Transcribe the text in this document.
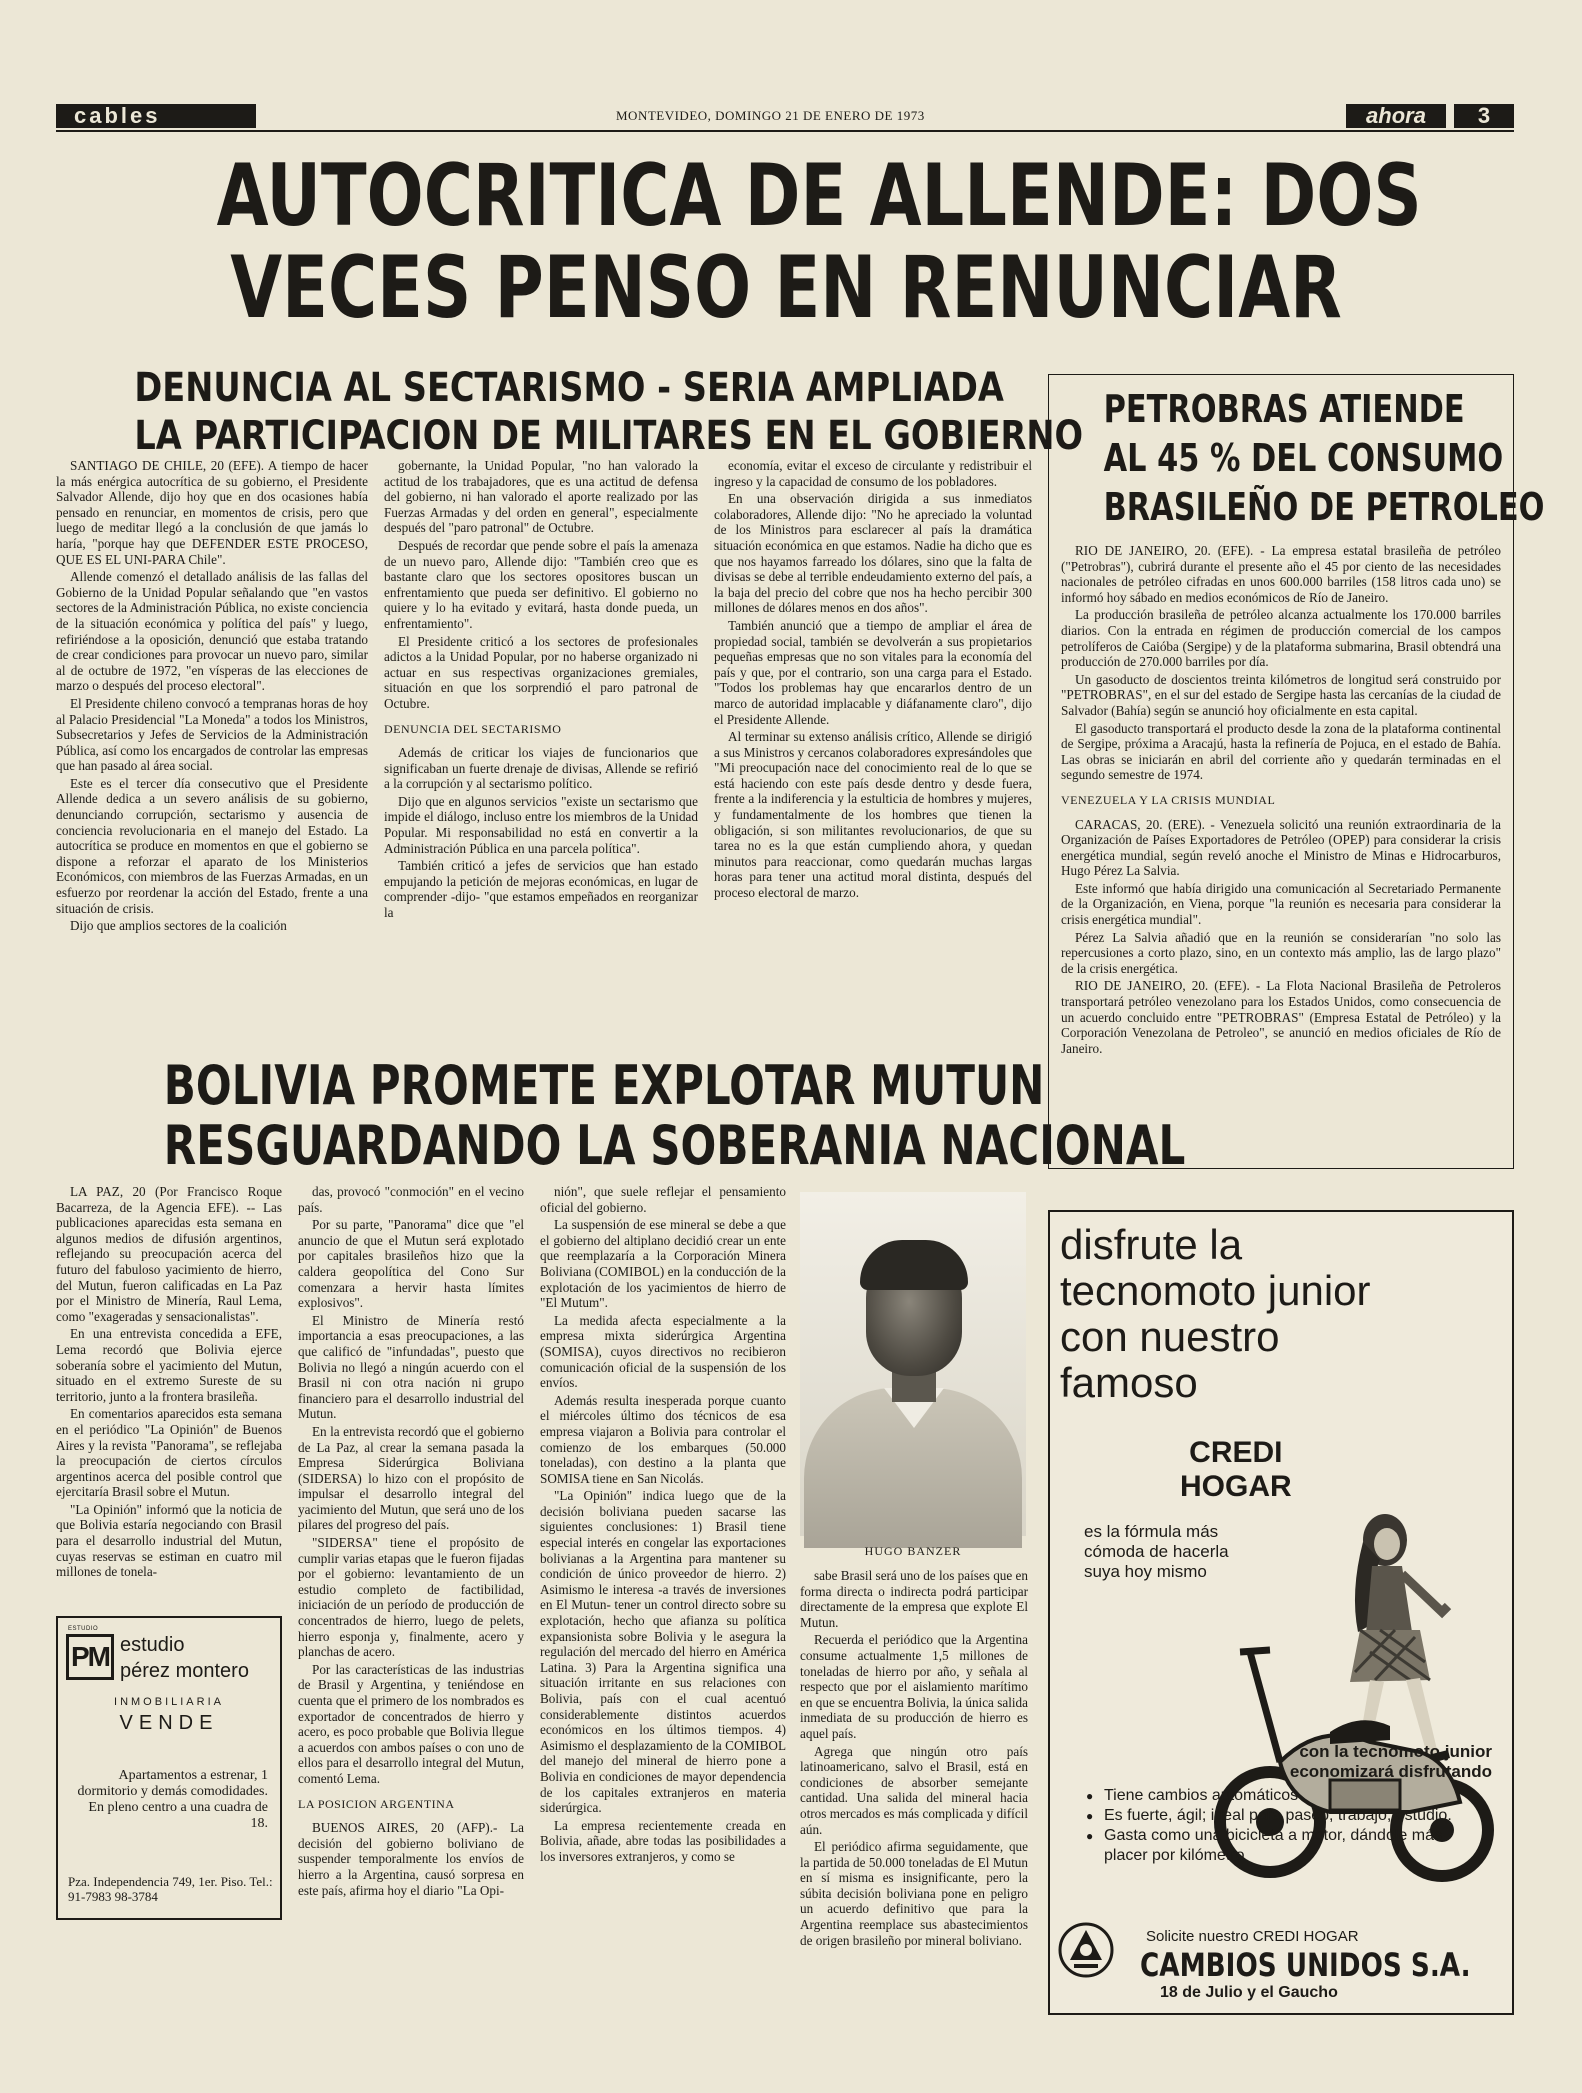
cables	MONTEVIDEO, DOMINGO 21 DE ENERO DE 1973	ahora	3
AUTOCRITICA DE ALLENDE: DOS
VECES PENSO EN RENUNCIAR
DENUNCIA AL SECTARISMO - SERIA AMPLIADA
LA PARTICIPACION DE MILITARES EN EL GOBIERNO

SANTIAGO DE CHILE, 20 (EFE). A tiempo de hacer la más enérgica autocrítica de su gobierno, el Presidente Salvador Allende, dijo hoy que en dos ocasiones había pensado en renunciar, en momentos de crisis, pero que luego de meditar llegó a la conclusión de que jamás lo haría, "porque hay que DEFENDER ESTE PROCESO, QUE ES EL UNI-PARA Chile".

Allende comenzó el detallado análisis de las fallas del Gobierno de la Unidad Popular señalando que "en vastos sectores de la Administración Pública, no existe conciencia de la situación económica y política del país" y luego, refiriéndose a la oposición, denunció que estaba tratando de crear condiciones para provocar un nuevo paro, similar al de octubre de 1972, "en vísperas de las elecciones de marzo o después del proceso electoral".

El Presidente chileno convocó a tempranas horas de hoy al Palacio Presidencial "La Moneda" a todos los Ministros, Subsecretarios y Jefes de Servicios de la Administración Pública, así como los encargados de controlar las empresas que han pasado al área social.

Este es el tercer día consecutivo que el Presidente Allende dedica a un severo análisis de su gobierno, denunciando corrupción, sectarismo y ausencia de conciencia revolucionaria en el manejo del Estado. La autocrítica se produce en momentos en que el gobierno se dispone a reforzar el aparato de los Ministerios Económicos, con miembros de las Fuerzas Armadas, en un esfuerzo por reordenar la acción del Estado, frente a una situación de crisis.

Dijo que amplios sectores de la coalición

gobernante, la Unidad Popular, "no han valorado la actitud de los trabajadores, que es una actitud de defensa del gobierno, ni han valorado el aporte realizado por las Fuerzas Armadas y del orden en general", especialmente después del "paro patronal" de Octubre.

Después de recordar que pende sobre el país la amenaza de un nuevo paro, Allende dijo: "También creo que es bastante claro que los sectores opositores buscan un enfrentamiento que pueda ser definitivo. El gobierno no quiere y lo ha evitado y evitará, hasta donde pueda, un enfrentamiento".

El Presidente criticó a los sectores de profesionales adictos a la Unidad Popular, por no haberse organizado ni actuar en sus respectivas organizaciones gremiales, situación en que los sorprendió el paro patronal de Octubre.

DENUNCIA DEL SECTARISMO

Además de criticar los viajes de funcionarios que significaban un fuerte drenaje de divisas, Allende se refirió a la corrupción y al sectarismo político.

Dijo que en algunos servicios "existe un sectarismo que impide el diálogo, incluso entre los miembros de la Unidad Popular. Mi responsabilidad no está en convertir a la Administración Pública en una parcela política".

También criticó a jefes de servicios que han estado empujando la petición de mejoras económicas, en lugar de comprender -dijo- "que estamos empeñados en reorganizar la

economía, evitar el exceso de circulante y redistribuir el ingreso y la capacidad de consumo de los pobladores.

En una observación dirigida a sus inmediatos colaboradores, Allende dijo: "No he apreciado la voluntad de los Ministros para esclarecer al país la dramática situación económica en que estamos. Nadie ha dicho que es que nos hayamos farreado los dólares, sino que la falta de divisas se debe al terrible endeudamiento externo del país, a la baja del precio del cobre que nos ha hecho percibir 300 millones de dólares menos en dos años".

También anunció que a tiempo de ampliar el área de propiedad social, también se devolverán a sus propietarios pequeñas empresas que no son vitales para la economía del país y que, por el contrario, son una carga para el Estado. "Todos los problemas hay que encararlos dentro de un marco de autoridad implacable y diáfanamente claro", dijo el Presidente Allende.

Al terminar su extenso análisis crítico, Allende se dirigió a sus Ministros y cercanos colaboradores expresándoles que "Mi preocupación nace del conocimiento real de lo que se está haciendo con este país desde dentro y desde fuera, frente a la indiferencia y la estulticia de hombres y mujeres, y fundamentalmente de los hombres que tienen la obligación, si son militantes revolucionarios, de que su tarea no es la que están cumpliendo ahora, y quedan minutos para reaccionar, como quedarán muchas largas horas para tener una actitud moral distinta, después del proceso electoral de marzo.

PETROBRAS ATIENDE
AL 45 % DEL CONSUMO
BRASILEÑO DE PETROLEO

RIO DE JANEIRO, 20. (EFE). - La empresa estatal brasileña de petróleo ("Petrobras"), cubrirá durante el presente año el 45 por ciento de las necesidades nacionales de petróleo cifradas en unos 600.000 barriles (158 litros cada uno) se informó hoy sábado en medios económicos de Río de Janeiro.

La producción brasileña de petróleo alcanza actualmente los 170.000 barriles diarios. Con la entrada en régimen de producción comercial de los campos petrolíferos de Caióba (Sergipe) y de la plataforma submarina, Brasil obtendrá una producción de 270.000 barriles por día.

Un gasoducto de doscientos treinta kilómetros de longitud será construido por "PETROBRAS", en el sur del estado de Sergipe hasta las cercanías de la ciudad de Salvador (Bahía) según se anunció hoy oficialmente en esta capital.

El gasoducto transportará el producto desde la zona de la plataforma continental de Sergipe, próxima a Aracajú, hasta la refinería de Pojuca, en el estado de Bahía. Las obras se iniciarán en abril del corriente año y quedarán terminadas en el segundo semestre de 1974.

VENEZUELA Y LA CRISIS MUNDIAL

CARACAS, 20. (ERE). - Venezuela solicitó una reunión extraordinaria de la Organización de Países Exportadores de Petróleo (OPEP) para considerar la crisis energética mundial, según reveló anoche el Ministro de Minas e Hidrocarburos, Hugo Pérez La Salvia.

Este informó que había dirigido una comunicación al Secretariado Permanente de la Organización, en Viena, porque "la reunión es necesaria para considerar la crisis energética mundial".

Pérez La Salvia añadió que en la reunión se considerarían "no solo las repercusiones a corto plazo, sino, en un contexto más amplio, las de largo plazo" de la crisis energética.

RIO DE JANEIRO, 20. (EFE). - La Flota Nacional Brasileña de Petroleros transportará petróleo venezolano para los Estados Unidos, como consecuencia de un acuerdo concluido entre "PETROBRAS" (Empresa Estatal de Petróleo) y la Corporación Venezolana de Petroleo", se anunció en medios oficiales de Río de Janeiro.

BOLIVIA PROMETE EXPLOTAR MUTUN
RESGUARDANDO LA SOBERANIA NACIONAL

LA PAZ, 20 (Por Francisco Roque Bacarreza, de la Agencia EFE). -- Las publicaciones aparecidas esta semana en algunos medios de difusión argentinos, reflejando su preocupación acerca del futuro del fabuloso yacimiento de hierro, del Mutun, fueron calificadas en La Paz por el Ministro de Minería, Raul Lema, como "exageradas y sensacionalistas".

En una entrevista concedida a EFE, Lema recordó que Bolivia ejerce soberanía sobre el yacimiento del Mutun, situado en el extremo Sureste de su territorio, junto a la frontera brasileña.

En comentarios aparecidos esta semana en el periódico "La Opinión" de Buenos Aires y la revista "Panorama", se reflejaba la preocupación de ciertos círculos argentinos acerca del posible control que ejercitaría Brasil sobre el Mutun.

"La Opinión" informó que la noticia de que Bolivia estaría negociando con Brasil para el desarrollo industrial del Mutun, cuyas reservas se estiman en cuatro mil millones de tonela-

das, provocó "conmoción" en el vecino país.

Por su parte, "Panorama" dice que "el anuncio de que el Mutun será explotado por capitales brasileños hizo que la caldera geopolítica del Cono Sur comenzara a hervir hasta límites explosivos".

El Ministro de Minería restó importancia a esas preocupaciones, a las que calificó de "infundadas", puesto que Bolivia no llegó a ningún acuerdo con el Brasil ni con otra nación ni grupo financiero para el desarrollo industrial del Mutun.

En la entrevista recordó que el gobierno de La Paz, al crear la semana pasada la Empresa Siderúrgica Boliviana (SIDERSA) lo hizo con el propósito de impulsar el desarrollo integral del yacimiento del Mutun, que será uno de los pilares del progreso del país.

"SIDERSA" tiene el propósito de cumplir varias etapas que le fueron fijadas por el gobierno: levantamiento de un estudio completo de factibilidad, iniciación de un período de producción de concentrados de hierro, luego de pelets, hierro esponja y, finalmente, acero y planchas de acero.

Por las características de las industrias de Brasil y Argentina, y teniéndose en cuenta que el primero de los nombrados es exportador de concentrados de hierro y acero, es poco probable que Bolivia llegue a acuerdos con ambos países o con uno de ellos para el desarrollo integral del Mutun, comentó Lema.

LA POSICION ARGENTINA

BUENOS AIRES, 20 (AFP).- La decisión del gobierno boliviano de suspender temporalmente los envíos de hierro a la Argentina, causó sorpresa en este país, afirma hoy el diario "La Opi-

nión", que suele reflejar el pensamiento oficial del gobierno.

La suspensión de ese mineral se debe a que el gobierno del altiplano decidió crear un ente que reemplazaría a la Corporación Minera Boliviana (COMIBOL) en la conducción de la explotación de los yacimientos de hierro de "El Mutum".

La medida afecta especialmente a la empresa mixta siderúrgica Argentina (SOMISA), cuyos directivos no recibieron comunicación oficial de la suspensión de los envíos.

Además resulta inesperada porque cuanto el miércoles último dos técnicos de esa empresa viajaron a Bolivia para controlar el comienzo de los embarques (50.000 toneladas), con destino a la planta que SOMISA tiene en San Nicolás.

"La Opinión" indica luego que de la decisión boliviana pueden sacarse las siguientes conclusiones: 1) Brasil tiene especial interés en congelar las exportaciones bolivianas a la Argentina para mantener su condición de único proveedor de hierro. 2) Asimismo le interesa -a través de inversiones en El Mutun- tener un control directo sobre su explotación, hecho que afianza su política expansionista sobre Bolivia y le asegura la regulación del mercado del hierro en América Latina. 3) Para la Argentina significa una situación irritante en sus relaciones con Bolivia, país con el cual acentuó considerablemente distintos acuerdos económicos en los últimos tiempos. 4) Asimismo el desplazamiento de la COMIBOL del manejo del mineral de hierro pone a Bolivia en condiciones de mayor dependencia de los capitales extranjeros en materia siderúrgica.

La empresa recientemente creada en Bolivia, añade, abre todas las posibilidades a los inversores extranjeros, y como se

HUGO BANZER

sabe Brasil será uno de los países que en forma directa o indirecta podrá participar directamente de la empresa que explote El Mutun.

Recuerda el periódico que la Argentina consume actualmente 1,5 millones de toneladas de hierro por año, y señala al respecto que por el aislamiento marítimo en que se encuentra Bolivia, la única salida inmediata de su producción de hierro es aquel país.

Agrega que ningún otro país latinoamericano, salvo el Brasil, está en condiciones de absorber semejante cantidad. Una salida del mineral hacia otros mercados es más complicada y difícil aún.

El periódico afirma seguidamente, que la partida de 50.000 toneladas de El Mutun en sí misma es insignificante, pero la súbita decisión boliviana pone en peligro un acuerdo definitivo que para la Argentina reemplace sus abastecimientos de origen brasileño por mineral boliviano.

ESTUDIO
PM estudio
pérez montero
INMOBILIARIA
VENDE
Apartamentos a estrenar, 1 dormitorio y demás comodidades. En pleno centro a una cuadra de 18.
Pza. Independencia 749, 1er. Piso. Tel.: 91-7983 98-3784
disfrute la
tecnomoto junior
con nuestro
famoso
CREDI
HOGAR
es la fórmula más cómoda de hacerla suya hoy mismo
con la tecnomoto junior
economizará disfrutando
● Tiene cambios automáticos
● Es fuerte, ágil; ideal para paseo, trabajo, estudio.
● Gasta como una bicicleta a motor, dándole más placer por kilómetro
Solicite nuestro CREDI HOGAR
CAMBIOS UNIDOS S.A.
18 de Julio y el Gaucho
